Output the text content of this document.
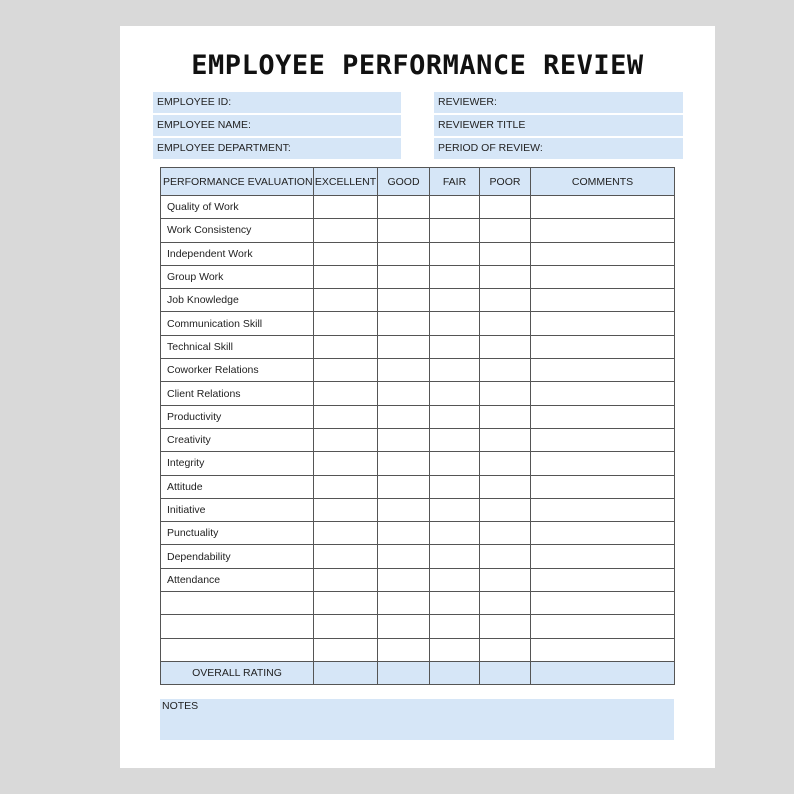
EMPLOYEE PERFORMANCE REVIEW
EMPLOYEE ID:
EMPLOYEE NAME:
EMPLOYEE DEPARTMENT:
REVIEWER:
REVIEWER TITLE
PERIOD OF REVIEW:
PERFORMANCE EVALUATION	EXCELLENT	GOOD	FAIR	POOR	COMMENTS
Quality of Work					
Work Consistency					
Independent Work					
Group Work					
Job Knowledge					
Communication Skill					
Technical Skill					
Coworker Relations					
Client Relations					
Productivity					
Creativity					
Integrity					
Attitude					
Initiative					
Punctuality					
Dependability					
Attendance					

OVERALL RATING					
NOTES
